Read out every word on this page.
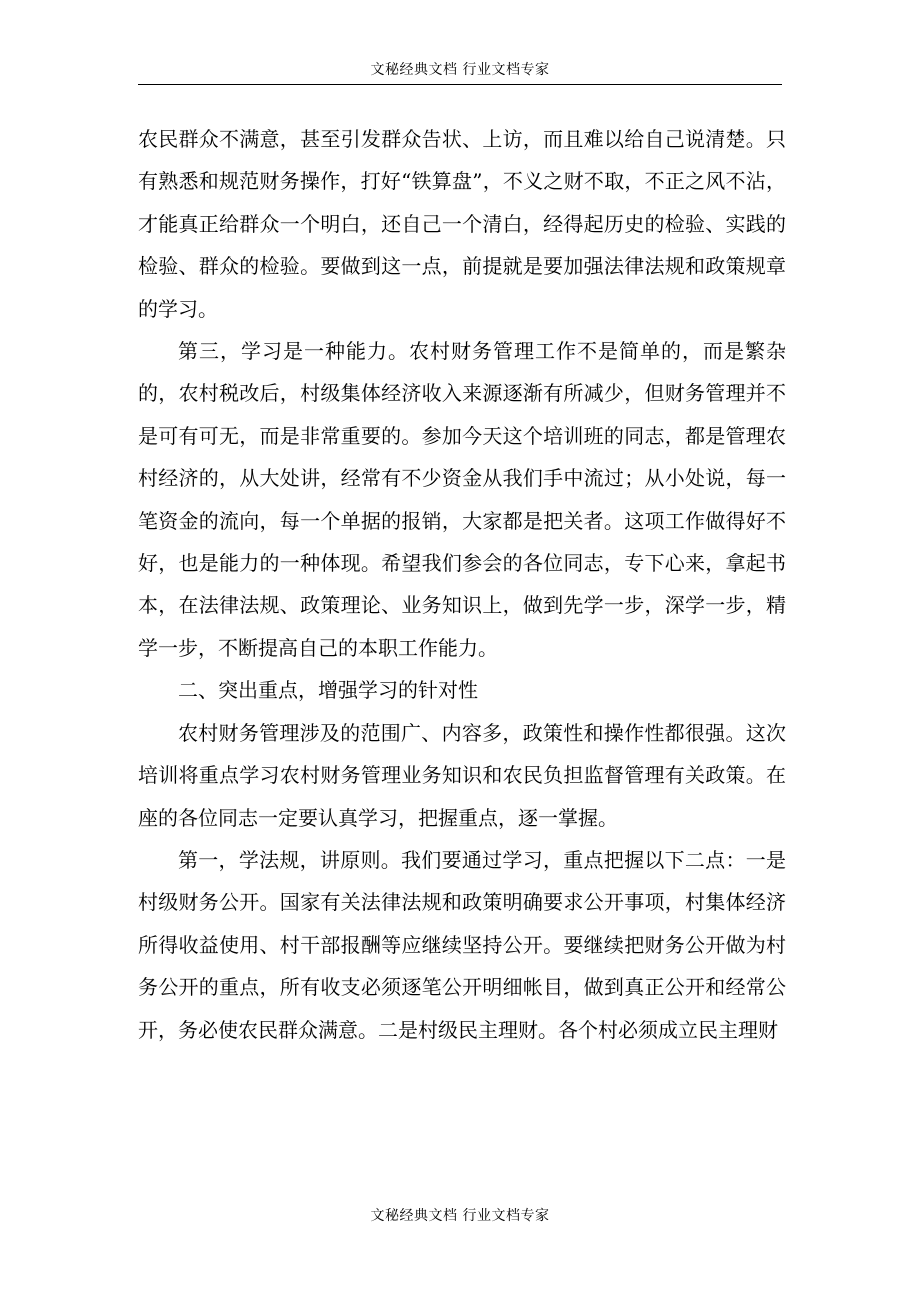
文秘经典文档 行业文档专家

农民群众不满意，甚至引发群众告状、上访，而且难以给自己说清楚。只有熟悉和规范财务操作，打好“铁算盘”，不义之财不取，不正之风不沾，才能真正给群众一个明白，还自己一个清白，经得起历史的检验、实践的检验、群众的检验。要做到这一点，前提就是要加强法律法规和政策规章的学习。

第三，学习是一种能力。农村财务管理工作不是简单的，而是繁杂的，农村税改后，村级集体经济收入来源逐渐有所减少，但财务管理并不是可有可无，而是非常重要的。参加今天这个培训班的同志，都是管理农村经济的，从大处讲，经常有不少资金从我们手中流过；从小处说，每一笔资金的流向，每一个单据的报销，大家都是把关者。这项工作做得好不好，也是能力的一种体现。希望我们参会的各位同志，专下心来，拿起书本，在法律法规、政策理论、业务知识上，做到先学一步，深学一步，精学一步，不断提高自己的本职工作能力。

二、突出重点，增强学习的针对性

农村财务管理涉及的范围广、内容多，政策性和操作性都很强。这次培训将重点学习农村财务管理业务知识和农民负担监督管理有关政策。在座的各位同志一定要认真学习，把握重点，逐一掌握。

第一，学法规，讲原则。我们要通过学习，重点把握以下二点：一是村级财务公开。国家有关法律法规和政策明确要求公开事项，村集体经济所得收益使用、村干部报酬等应继续坚持公开。要继续把财务公开做为村务公开的重点，所有收支必须逐笔公开明细帐目，做到真正公开和经常公开，务必使农民群众满意。二是村级民主理财。各个村必须成立民主理财

文秘经典文档 行业文档专家
